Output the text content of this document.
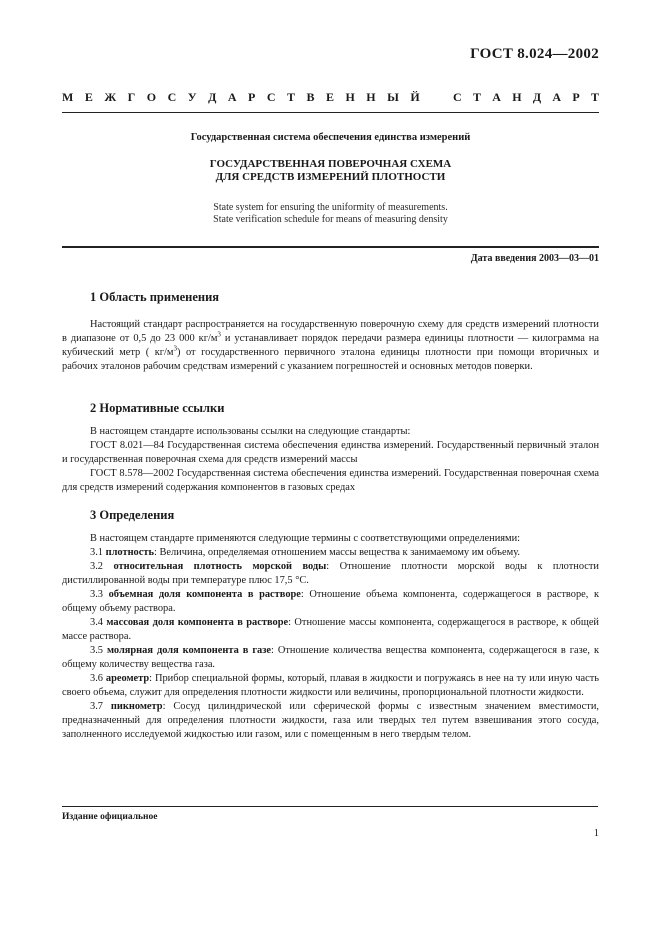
ГОСТ 8.024—2002
М Е Ж Г О С У Д А Р С Т В Е Н Н Ы Й	С Т А Н Д А Р Т
Государственная система обеспечения единства измерений
ГОСУДАРСТВЕННАЯ ПОВЕРОЧНАЯ СХЕМА
ДЛЯ СРЕДСТВ ИЗМЕРЕНИЙ ПЛОТНОСТИ
State system for ensuring the uniformity of measurements.
State verification schedule for means of measuring density
Дата введения 2003—03—01
1 Область применения

Настоящий стандарт распространяется на государственную поверочную схему для средств измерений плотности в диапазоне от 0,5 до 23 000 $кг/м^3$ и устанавливает порядок передачи размера единицы плотности — килограмма на кубический метр ( $кг/м^3$) от государственного первичного эталона единицы плотности при помощи вторичных и рабочих эталонов рабочим средствам измерений с указанием погрешностей и основных методов поверки.

2 Нормативные ссылки

В настоящем стандарте использованы ссылки на следующие стандарты:

ГОСТ 8.021—84 Государственная система обеспечения единства измерений. Государственный первичный эталон и государственная поверочная схема для средств измерений массы

ГОСТ 8.578—2002 Государственная система обеспечения единства измерений. Государственная поверочная схема для средств измерений содержания компонентов в газовых средах

3 Определения

В настоящем стандарте применяются следующие термины с соответствующими определениями:

3.1 плотность: Величина, определяемая отношением массы вещества к занимаемому им объему.

3.2 относительная плотность морской воды: Отношение плотности морской воды к плотности дистиллированной воды при температуре плюс 17,5 °С.

3.3 объемная доля компонента в растворе: Отношение объема компонента, содержащегося в растворе, к общему объему раствора.

3.4 массовая доля компонента в растворе: Отношение массы компонента, содержащегося в растворе, к общей массе раствора.

3.5 молярная доля компонента в газе: Отношение количества вещества компонента, содержащегося в газе, к общему количеству вещества газа.

3.6 ареометр: Прибор специальной формы, который, плавая в жидкости и погружаясь в нее на ту или иную часть своего объема, служит для определения плотности жидкости или величины, пропорциональной плотности жидкости.

3.7 пикнометр: Сосуд цилиндрической или сферической формы с известным значением вместимости, предназначенный для определения плотности жидкости, газа или твердых тел путем взвешивания этого сосуда, заполненного исследуемой жидкостью или газом, или с помещенным в него твердым телом.

Издание официальное
1
